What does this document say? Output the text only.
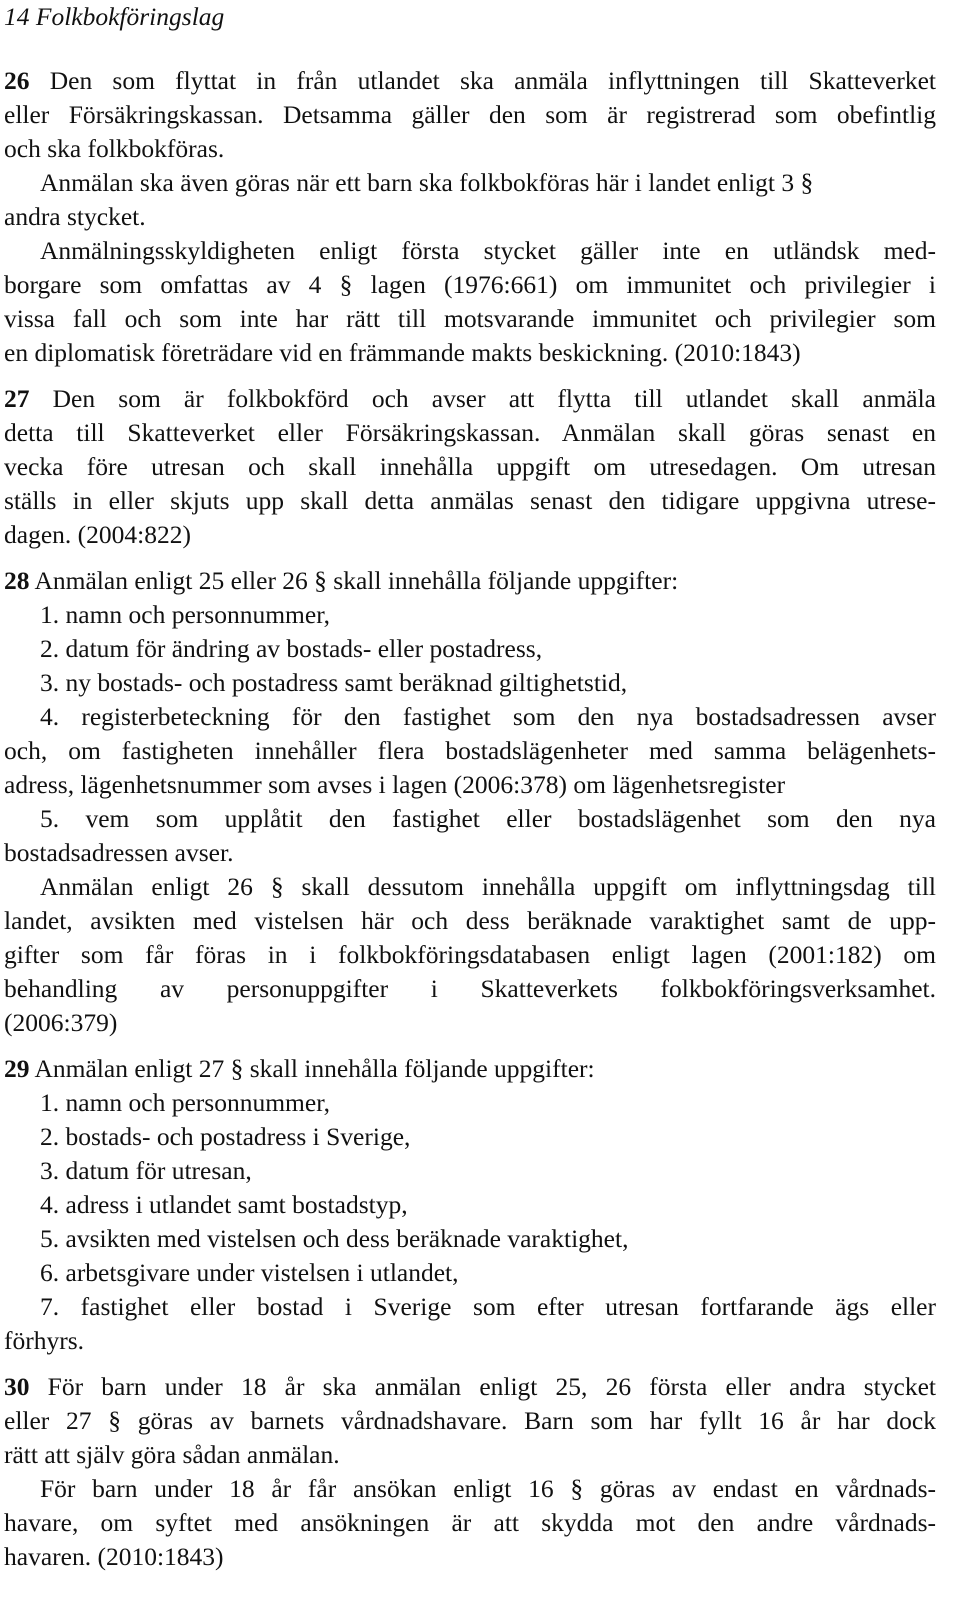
14 Folkbokföringslag
26 Den som flyttat in från utlandet ska anmäla inflyttningen till Skatteverket
eller Försäkringskassan. Detsamma gäller den som är registrerad som obefintlig
och ska folkbokföras.
Anmälan ska även göras när ett barn ska folkbokföras här i landet enligt 3 §
andra stycket.
Anmälningsskyldigheten enligt första stycket gäller inte en utländsk med-
borgare som omfattas av 4 § lagen (1976:661) om immunitet och privilegier i
vissa fall och som inte har rätt till motsvarande immunitet och privilegier som
en diplomatisk företrädare vid en främmande makts beskickning. (2010:1843)
27 Den som är folkbokförd och avser att flytta till utlandet skall anmäla
detta till Skatteverket eller Försäkringskassan. Anmälan skall göras senast en
vecka före utresan och skall innehålla uppgift om utresedagen. Om utresan
ställs in eller skjuts upp skall detta anmälas senast den tidigare uppgivna utrese-
dagen. (2004:822)
28 Anmälan enligt 25 eller 26 § skall innehålla följande uppgifter:
1. namn och personnummer,
2. datum för ändring av bostads- eller postadress,
3. ny bostads- och postadress samt beräknad giltighetstid,
4. registerbeteckning för den fastighet som den nya bostadsadressen avser
och, om fastigheten innehåller flera bostadslägenheter med samma belägenhets-
adress, lägenhetsnummer som avses i lagen (2006:378) om lägenhetsregister
5. vem som upplåtit den fastighet eller bostadslägenhet som den nya
bostadsadressen avser.
Anmälan enligt 26 § skall dessutom innehålla uppgift om inflyttningsdag till
landet, avsikten med vistelsen här och dess beräknade varaktighet samt de upp-
gifter som får föras in i folkbokföringsdatabasen enligt lagen (2001:182) om
behandling av personuppgifter i Skatteverkets folkbokföringsverksamhet.
(2006:379)
29 Anmälan enligt 27 § skall innehålla följande uppgifter:
1. namn och personnummer,
2. bostads- och postadress i Sverige,
3. datum för utresan,
4. adress i utlandet samt bostadstyp,
5. avsikten med vistelsen och dess beräknade varaktighet,
6. arbetsgivare under vistelsen i utlandet,
7. fastighet eller bostad i Sverige som efter utresan fortfarande ägs eller
förhyrs.
30 För barn under 18 år ska anmälan enligt 25, 26 första eller andra stycket
eller 27 § göras av barnets vårdnadshavare. Barn som har fyllt 16 år har dock
rätt att själv göra sådan anmälan.
För barn under 18 år får ansökan enligt 16 § göras av endast en vårdnads-
havare, om syftet med ansökningen är att skydda mot den andre vårdnads-
havaren. (2010:1843)
